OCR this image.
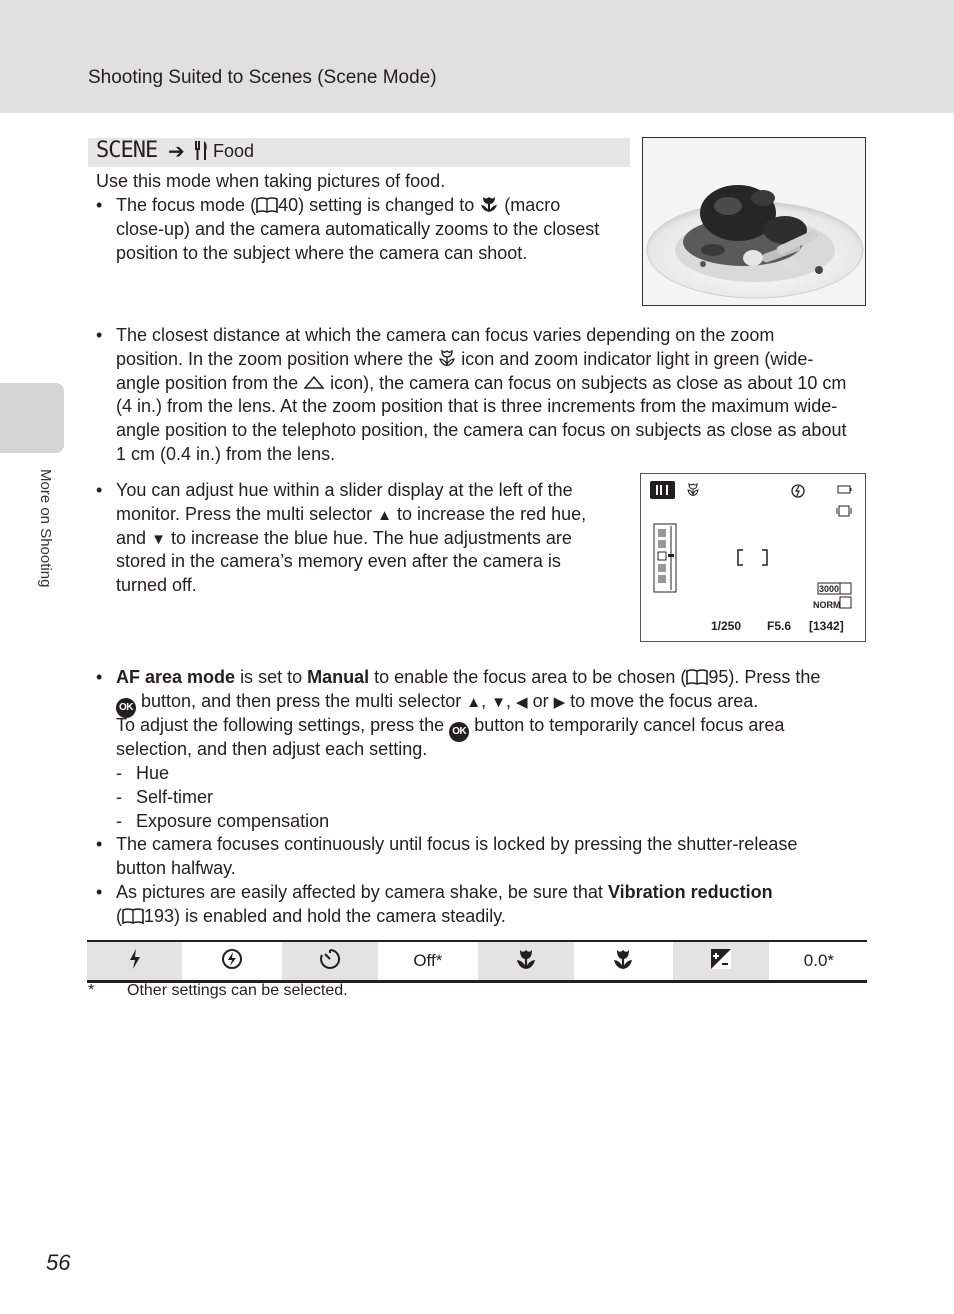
Shooting Suited to Scenes (Scene Mode)
More on Shooting
SCENE ➔ Food
Use this mode when taking pictures of food.
• The focus mode ( 40) setting is changed to (macro
close-up) and the camera automatically zooms to the closest
position to the subject where the camera can shoot.
• The closest distance at which the camera can focus varies depending on the zoom
position. In the zoom position where the icon and zoom indicator light in green (wide-
angle position from the icon), the camera can focus on subjects as close as about 10 cm
(4 in.) from the lens. At the zoom position that is three increments from the maximum wide-
angle position to the telephoto position, the camera can focus on subjects as close as about
1 cm (0.4 in.) from the lens.
• You can adjust hue within a slider display at the left of the
monitor. Press the multi selector ▲ to increase the red hue,
and ▼ to increase the blue hue. The hue adjustments are
stored in the camera’s memory even after the camera is
turned off.	3000
NORM
1/250 F5.6 [1342]
• AF area mode is set to Manual to enable the focus area to be chosen ( 95). Press the
OK button, and then press the multi selector ▲, ▼, ◀ or ▶ to move the focus area.
To adjust the following settings, press the OK button to temporarily cancel focus area
selection, and then adjust each setting.
- Hue
- Self-timer
- Exposure compensation
• The camera focuses continuously until focus is locked by pressing the shutter-release
button halfway.
• As pictures are easily affected by camera shake, be sure that Vibration reduction
( 193) is enabled and hold the camera steadily.
			Off*				0.0*
* Other settings can be selected.
56
